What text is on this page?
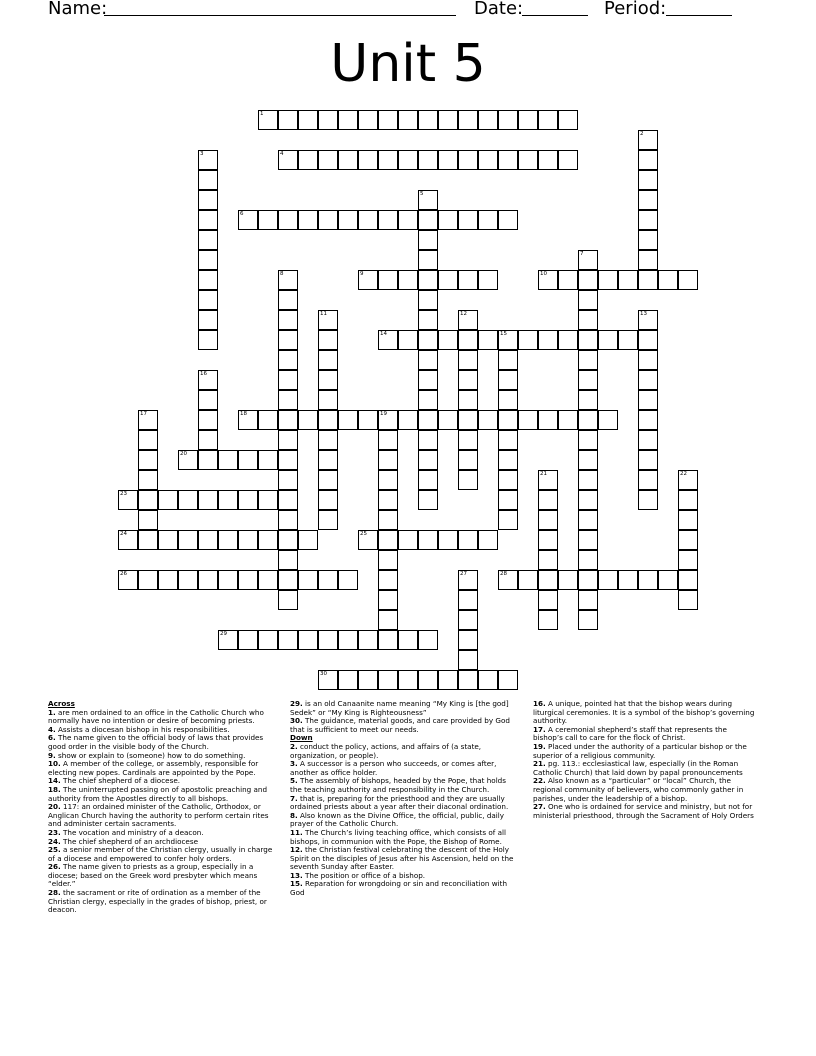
Name:	Date:	Period:
Unit 5
1
2
3	4
5
6
7
8	9	10
11	12	13
14	15
16
17	18	19
20
21	22
23
24	25
26	27	28
29
30
Across
1. are men ordained to an office in the Catholic Church who normally have no intention or desire of becoming priests.
4. Assists a diocesan bishop in his responsibilities.
6. The name given to the official body of laws that provides good order in the visible body of the Church.
9. show or explain to (someone) how to do something.
10. A member of the college, or assembly, responsible for electing new popes. Cardinals are appointed by the Pope.
14. The chief shepherd of a diocese.
18. The uninterrupted passing on of apostolic preaching and authority from the Apostles directly to all bishops.
20. 117: an ordained minister of the Catholic, Orthodox, or Anglican Church having the authority to perform certain rites and administer certain sacraments.
23. The vocation and ministry of a deacon.
24. The chief shepherd of an archdiocese
25. a senior member of the Christian clergy, usually in charge of a diocese and empowered to confer holy orders.
26. The name given to priests as a group, especially in a diocese; based on the Greek word presbyter which means “elder.”
28. the sacrament or rite of ordination as a member of the Christian clergy, especially in the grades of bishop, priest, or deacon.
29. is an old Canaanite name meaning “My King is [the god] Sedek” or “My King is Righteousness”
30. The guidance, material goods, and care provided by God that is sufficient to meet our needs.
Down
2. conduct the policy, actions, and affairs of (a state, organization, or people).
3. A successor is a person who succeeds, or comes after, another as office holder.
5. The assembly of bishops, headed by the Pope, that holds the teaching authority and responsibility in the Church.
7. that is, preparing for the priesthood and they are usually ordained priests about a year after their diaconal ordination.
8. Also known as the Divine Office, the official, public, daily prayer of the Catholic Church.
11. The Church’s living teaching office, which consists of all bishops, in communion with the Pope, the Bishop of Rome.
12. the Christian festival celebrating the descent of the Holy Spirit on the disciples of Jesus after his Ascension, held on the seventh Sunday after Easter.
13. The position or office of a bishop.
15. Reparation for wrongdoing or sin and reconciliation with God
16. A unique, pointed hat that the bishop wears during liturgical ceremonies. It is a symbol of the bishop’s governing authority.
17. A ceremonial shepherd’s staff that represents the bishop’s call to care for the flock of Christ.
19. Placed under the authority of a particular bishop or the superior of a religious community.
21. pg. 113.: ecclesiastical law, especially (in the Roman Catholic Church) that laid down by papal pronouncements
22. Also known as a “particular” or “local” Church, the regional community of believers, who commonly gather in parishes, under the leadership of a bishop.
27. One who is ordained for service and ministry, but not for ministerial priesthood, through the Sacrament of Holy Orders
